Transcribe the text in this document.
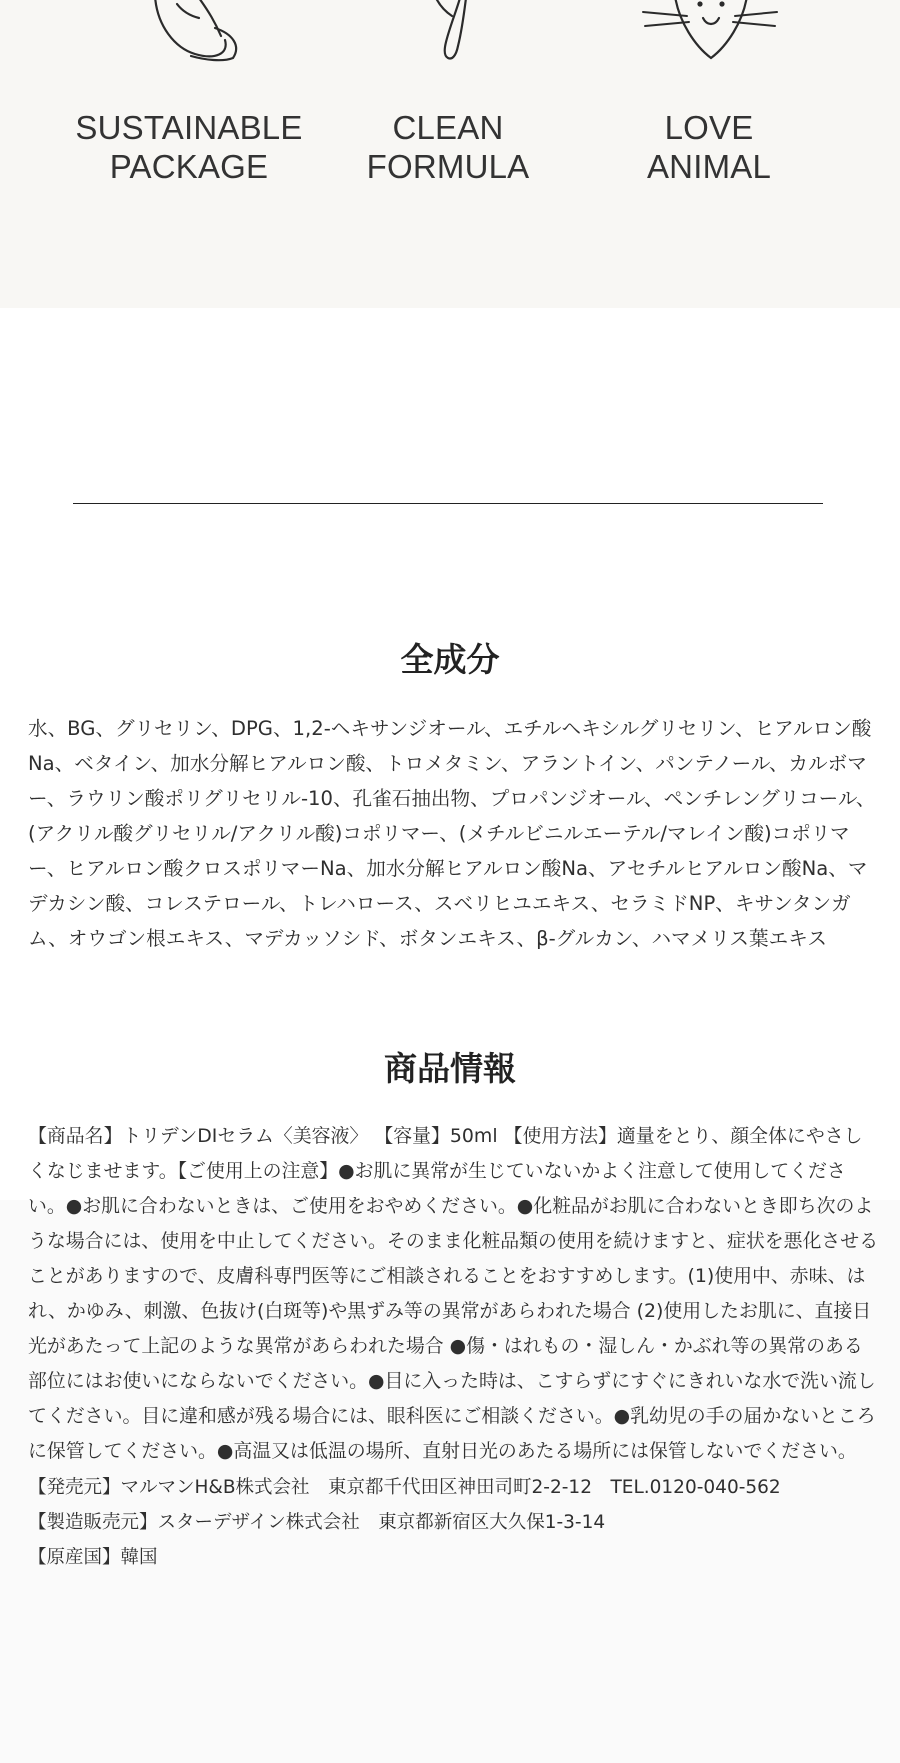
SUSTAINABLE
PACKAGE

CLEAN
FORMULA

LOVE
ANIMAL

全成分

水、BG、グリセリン、DPG、1,2-ヘキサンジオール、エチルヘキシルグリセリン、ヒアルロン酸Na、ベタイン、加水分解ヒアルロン酸、トロメタミン、アラントイン、パンテノール、カルボマー、ラウリン酸ポリグリセリル-10、孔雀石抽出物、プロパンジオール、ペンチレングリコール、(アクリル酸グリセリル/アクリル酸)コポリマー、(メチルビニルエーテル/マレイン酸)コポリマー、ヒアルロン酸クロスポリマーNa、加水分解ヒアルロン酸Na、アセチルヒアルロン酸Na、マデカシン酸、コレステロール、トレハロース、スベリヒユエキス、セラミドNP、キサンタンガム、オウゴン根エキス、マデカッソシド、ボタンエキス、β-グルカン、ハマメリス葉エキス

商品情報

【商品名】トリデンDIセラム〈美容液〉 【容量】50ml 【使用方法】適量をとり、顔全体にやさしくなじませます。【ご使用上の注意】●お肌に異常が生じていないかよく注意して使用してください。●お肌に合わないときは、ご使用をおやめください。●化粧品がお肌に合わないとき即ち次のような場合には、使用を中止してください。そのまま化粧品類の使用を続けますと、症状を悪化させることがありますので、皮膚科専門医等にご相談されることをおすすめします。(1)使用中、赤味、はれ、かゆみ、刺激、色抜け(白斑等)や黒ずみ等の異常があらわれた場合 (2)使用したお肌に、直接日光があたって上記のような異常があらわれた場合 ●傷・はれもの・湿しん・かぶれ等の異常のある部位にはお使いにならないでください。●目に入った時は、こすらずにすぐにきれいな水で洗い流してください。目に違和感が残る場合には、眼科医にご相談ください。●乳幼児の手の届かないところに保管してください。●高温又は低温の場所、直射日光のあたる場所には保管しないでください。

【発売元】マルマンH&B株式会社　東京都千代田区神田司町2-2-12　TEL.0120-040-562

【製造販売元】スターデザイン株式会社　東京都新宿区大久保1-3-14

【原産国】韓国
